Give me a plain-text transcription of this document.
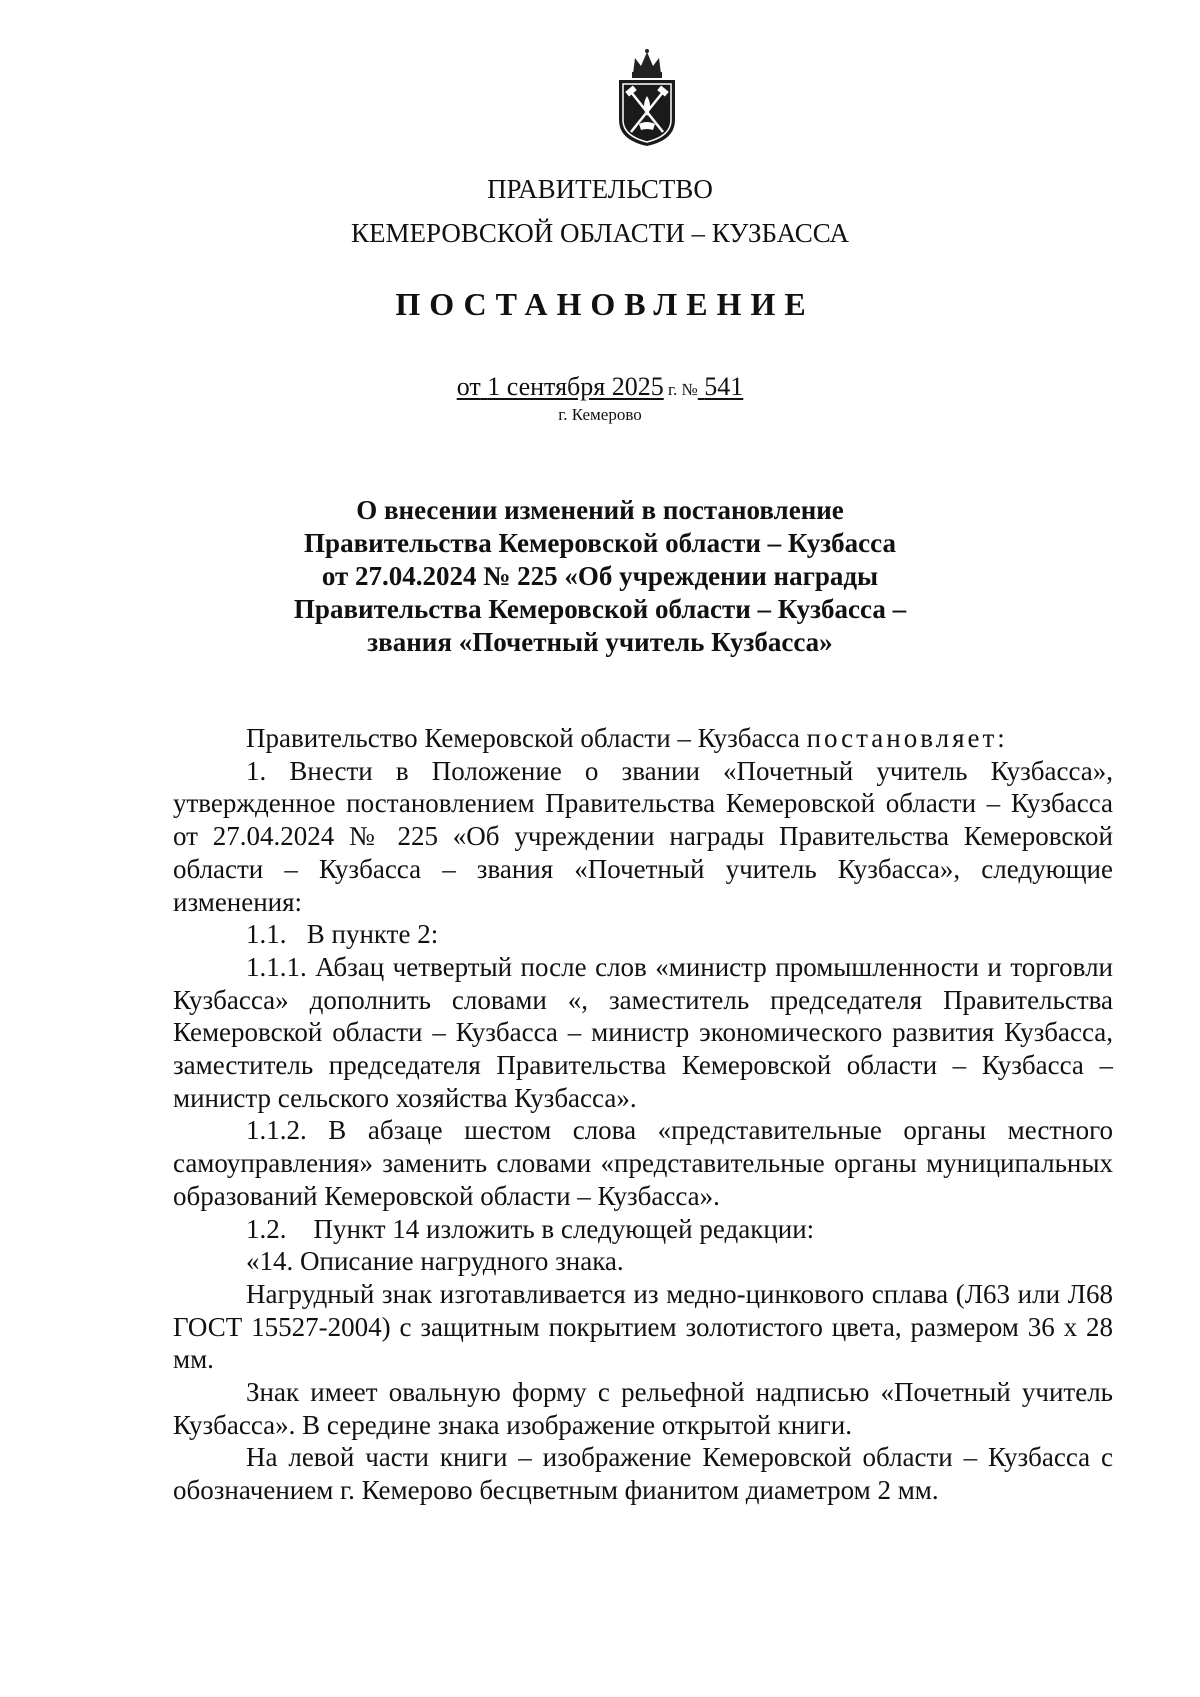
ПРАВИТЕЛЬСТВО
КЕМЕРОВСКОЙ ОБЛАСТИ – КУЗБАССА
ПОСТАНОВЛЕНИЕ
от 1 сентября 2025 г. № 541
г. Кемерово
О внесении изменений в постановление
Правительства Кемеровской области – Кузбасса
от 27.04.2024 № 225 «Об учреждении награды
Правительства Кемеровской области – Кузбасса –
звания «Почетный учитель Кузбасса»

Правительство Кемеровской области – Кузбасса постановляет:

1. Внести в Положение о звании «Почетный учитель Кузбасса», утвержденное постановлением Правительства Кемеровской области – Кузбасса от 27.04.2024 № 225 «Об учреждении награды Правительства Кемеровской области – Кузбасса – звания «Почетный учитель Кузбасса», следующие изменения:

1.1.   В пункте 2:

1.1.1. Абзац четвертый после слов «министр промышленности и торговли Кузбасса» дополнить словами «, заместитель председателя Правительства Кемеровской области – Кузбасса – министр экономического развития Кузбасса, заместитель председателя Правительства Кемеровской области – Кузбасса – министр сельского хозяйства Кузбасса».

1.1.2. В абзаце шестом слова «представительные органы местного самоуправления» заменить словами «представительные органы муниципальных образований Кемеровской области – Кузбасса».

1.2.    Пункт 14 изложить в следующей редакции:

«14. Описание нагрудного знака.

Нагрудный знак изготавливается из медно-цинкового сплава (Л63 или Л68 ГОСТ 15527-2004) с защитным покрытием золотистого цвета, размером 36 х 28 мм.

Знак имеет овальную форму с рельефной надписью «Почетный учитель Кузбасса». В середине знака изображение открытой книги.

На левой части книги – изображение Кемеровской области – Кузбасса с обозначением г. Кемерово бесцветным фианитом диаметром 2 мм.
